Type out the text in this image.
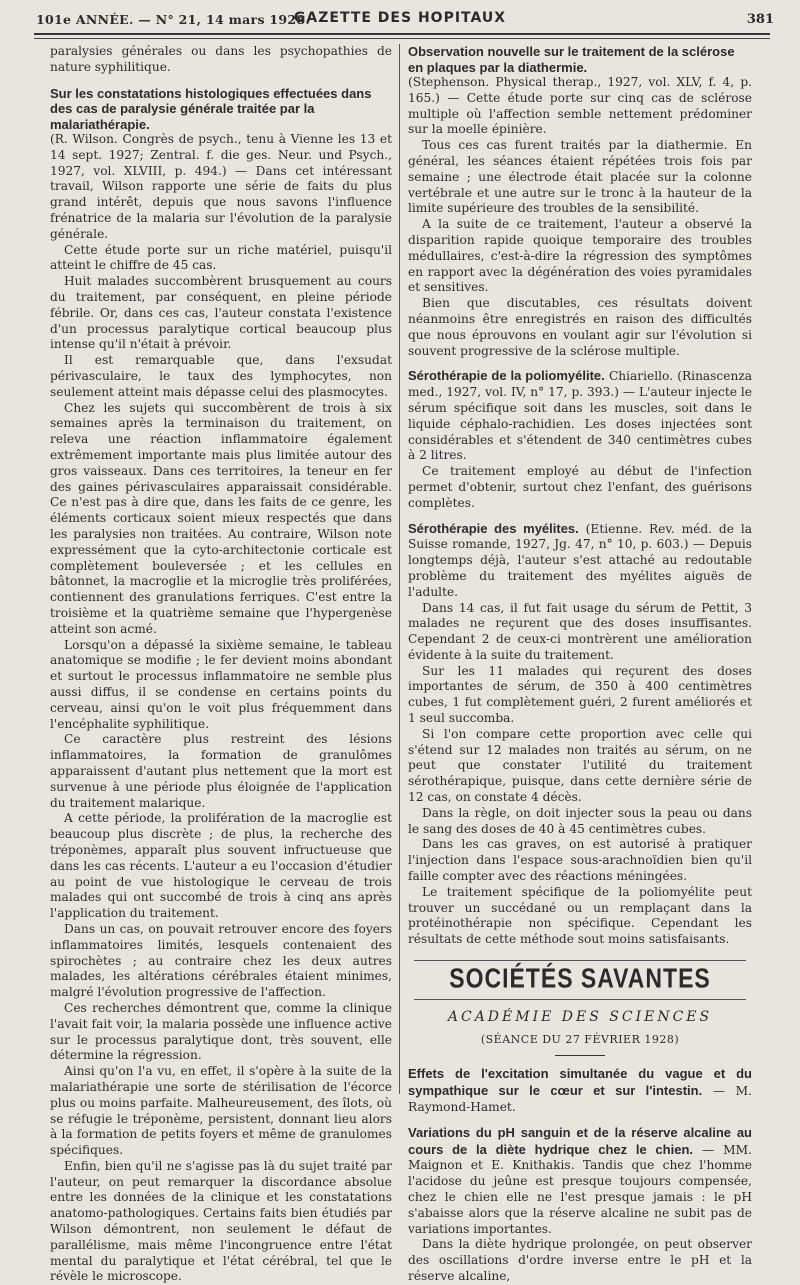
101e ANNÉE. — N° 21, 14 mars 1928.
GAZETTE DES HOPITAUX	381

paralysies générales ou dans les psychopathies de nature syphilitique.

Sur les constatations histologiques effectuées dans des cas de paralysie générale traitée par la malariathérapie.

(R. Wilson. Congrès de psych., tenu à Vienne les 13 et 14 sept. 1927; Zentral. f. die ges. Neur. und Psych., 1927, vol. XLVIII, p. 494.) — Dans cet intéressant travail, Wilson rapporte une série de faits du plus grand intérêt, depuis que nous savons l'influence frénatrice de la malaria sur l'évolution de la paralysie générale.

Cette étude porte sur un riche matériel, puisqu'il atteint le chiffre de 45 cas.

Huit malades succombèrent brusquement au cours du traitement, par conséquent, en pleine période fébrile. Or, dans ces cas, l'auteur constata l'existence d'un processus paralytique cortical beaucoup plus intense qu'il n'était à prévoir.

Il est remarquable que, dans l'exsudat périvasculaire, le taux des lymphocytes, non seulement atteint mais dépasse celui des plasmocytes.

Chez les sujets qui succombèrent de trois à six semaines après la terminaison du traitement, on releva une réaction inflammatoire également extrêmement importante mais plus limitée autour des gros vaisseaux. Dans ces territoires, la teneur en fer des gaines périvasculaires apparaissait considérable. Ce n'est pas à dire que, dans les faits de ce genre, les éléments corticaux soient mieux respectés que dans les paralysies non traitées. Au contraire, Wilson note expressément que la cyto-architectonie corticale est complètement bouleversée ; et les cellules en bâtonnet, la macroglie et la microglie très proliférées, contiennent des granulations ferriques. C'est entre la troisième et la quatrième semaine que l'hypergenèse atteint son acmé.

Lorsqu'on a dépassé la sixième semaine, le tableau anatomique se modifie ; le fer devient moins abondant et surtout le processus inflammatoire ne semble plus aussi diffus, il se condense en certains points du cerveau, ainsi qu'on le voit plus fréquemment dans l'encéphalite syphilitique.

Ce caractère plus restreint des lésions inflammatoires, la formation de granulômes apparaissent d'autant plus nettement que la mort est survenue à une période plus éloignée de l'application du traitement malarique.

A cette période, la prolifération de la macroglie est beaucoup plus discrète ; de plus, la recherche des tréponèmes, apparaît plus souvent infructueuse que dans les cas récents. L'auteur a eu l'occasion d'étudier au point de vue histologique le cerveau de trois malades qui ont succombé de trois à cinq ans après l'application du traitement.

Dans un cas, on pouvait retrouver encore des foyers inflammatoires limités, lesquels contenaient des spirochètes ; au contraire chez les deux autres malades, les altérations cérébrales étaient minimes, malgré l'évolution progressive de l'affection.

Ces recherches démontrent que, comme la clinique l'avait fait voir, la malaria possède une influence active sur le processus paralytique dont, très souvent, elle détermine la régression.

Ainsi qu'on l'a vu, en effet, il s'opère à la suite de la malariathérapie une sorte de stérilisation de l'écorce plus ou moins parfaite. Malheureusement, des îlots, où se réfugie le tréponème, persistent, donnant lieu alors à la formation de petits foyers et même de granulomes spécifiques.

Enfin, bien qu'il ne s'agisse pas là du sujet traité par l'auteur, on peut remarquer la discordance absolue entre les données de la clinique et les constatations anatomo-pathologiques. Certains faits bien étudiés par Wilson démontrent, non seulement le défaut de parallélisme, mais même l'incongruence entre l'état mental du paralytique et l'état cérébral, tel que le révèle le microscope.

Observation nouvelle sur le traitement de la sclérose en plaques par la diathermie.

(Stephenson. Physical therap., 1927, vol. XLV, f. 4, p. 165.) — Cette étude porte sur cinq cas de sclérose multiple où l'affection semble nettement prédominer sur la moelle épinière.

Tous ces cas furent traités par la diathermie. En général, les séances étaient répétées trois fois par semaine ; une électrode était placée sur la colonne vertébrale et une autre sur le tronc à la hauteur de la limite supérieure des troubles de la sensibilité.

A la suite de ce traitement, l'auteur a observé la disparition rapide quoique temporaire des troubles médullaires, c'est-à-dire la régression des symptômes en rapport avec la dégénération des voies pyramidales et sensitives.

Bien que discutables, ces résultats doivent néanmoins être enregistrés en raison des difficultés que nous éprouvons en voulant agir sur l'évolution si souvent progressive de la sclérose multiple.

Sérothérapie de la poliomyélite. Chiariello. (Rinascenza med., 1927, vol. IV, n° 17, p. 393.) — L'auteur injecte le sérum spécifique soit dans les muscles, soit dans le liquide céphalo-rachidien. Les doses injectées sont considérables et s'étendent de 340 centimètres cubes à 2 litres.

Ce traitement employé au début de l'infection permet d'obtenir, surtout chez l'enfant, des guérisons complètes.

Sérothérapie des myélites. (Etienne. Rev. méd. de la Suisse romande, 1927, Jg. 47, n° 10, p. 603.) — Depuis longtemps déjà, l'auteur s'est attaché au redoutable problème du traitement des myélites aiguës de l'adulte.

Dans 14 cas, il fut fait usage du sérum de Pettit, 3 malades ne reçurent que des doses insuffisantes. Cependant 2 de ceux-ci montrèrent une amélioration évidente à la suite du traitement.

Sur les 11 malades qui reçurent des doses importantes de sérum, de 350 à 400 centimètres cubes, 1 fut complètement guéri, 2 furent améliorés et 1 seul succomba.

Si l'on compare cette proportion avec celle qui s'étend sur 12 malades non traités au sérum, on ne peut que constater l'utilité du traitement sérothérapique, puisque, dans cette dernière série de 12 cas, on constate 4 décès.

Dans la règle, on doit injecter sous la peau ou dans le sang des doses de 40 à 45 centimètres cubes.

Dans les cas graves, on est autorisé à pratiquer l'injection dans l'espace sous-arachnoïdien bien qu'il faille compter avec des réactions méningées.

Le traitement spécifique de la poliomyélite peut trouver un succédané ou un remplaçant dans la protéinothérapie non spécifique. Cependant les résultats de cette méthode sout moins satisfaisants.

SOCIÉTÉS SAVANTES
ACADÉMIE DES SCIENCES
(SÉANCE DU 27 FÉVRIER 1928)

Effets de l'excitation simultanée du vague et du sympathique sur le cœur et sur l'intestin. — M. Raymond-Hamet.

Variations du pH sanguin et de la réserve alcaline au cours de la diète hydrique chez le chien. — MM. Maignon et E. Knithakis. Tandis que chez l'homme l'acidose du jeûne est presque toujours compensée, chez le chien elle ne l'est presque jamais : le pH s'abaisse alors que la réserve alcaline ne subit pas de variations importantes.

Dans la diète hydrique prolongée, on peut observer des oscillations d'ordre inverse entre le pH et la réserve alcaline,
